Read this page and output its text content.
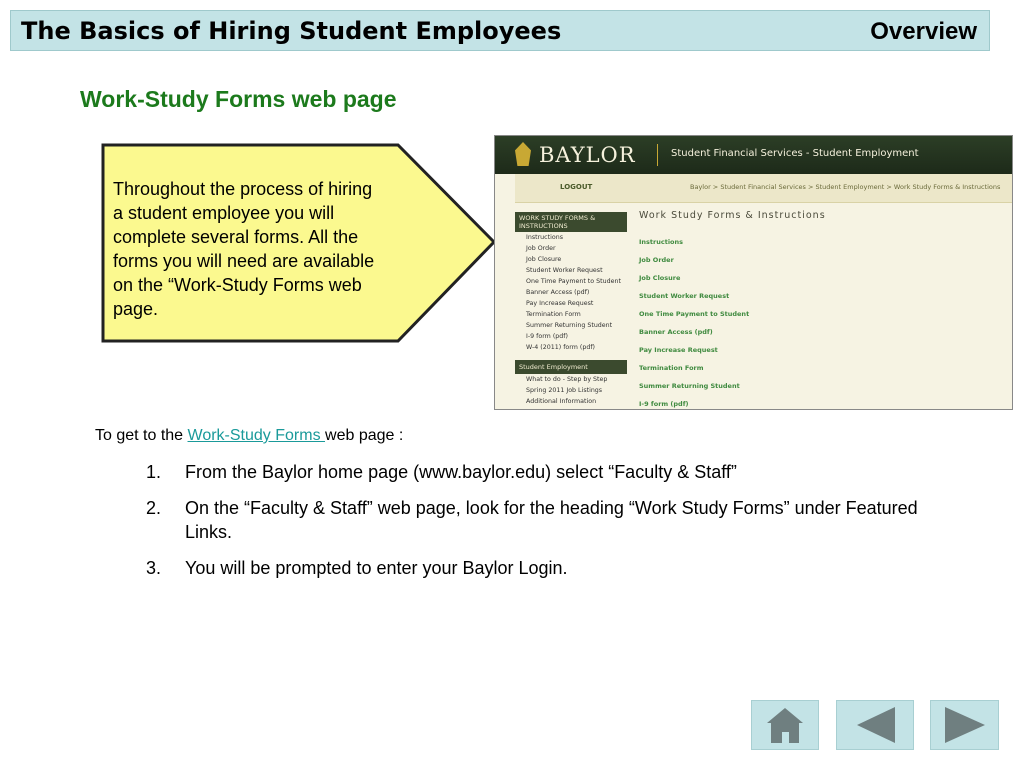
The Basics of Hiring Student Employees	Overview
Work-Study Forms web page
Throughout the process of hiring
a student employee you will
complete several forms. All the
forms you will need are available
on the “Work-Study Forms web
page.
BAYLOR	Student Financial Services - Student Employment
LOGOUT	Baylor > Student Financial Services > Student Employment > Work Study Forms & Instructions
WORK STUDY FORMS & INSTRUCTIONS
Instructions
Job Order
Job Closure
Student Worker Request
One Time Payment to Student
Banner Access (pdf)
Pay Increase Request
Termination Form
Summer Returning Student
I-9 form (pdf)
W-4 (2011) form (pdf)
Student Employment
What to do - Step by Step
Spring 2011 Job Listings
Additional Information
Work Study Forms & Instructions
Instructions
Job Order
Job Closure
Student Worker Request
One Time Payment to Student
Banner Access (pdf)
Pay Increase Request
Termination Form
Summer Returning Student
I-9 form (pdf)
To get to the Work-Study Forms web page :
1.	From the Baylor home page (www.baylor.edu) select “Faculty & Staff”
2.	On the “Faculty & Staff” web page, look for the heading “Work Study Forms” under Featured Links.
3.	You will be prompted to enter your Baylor Login.
